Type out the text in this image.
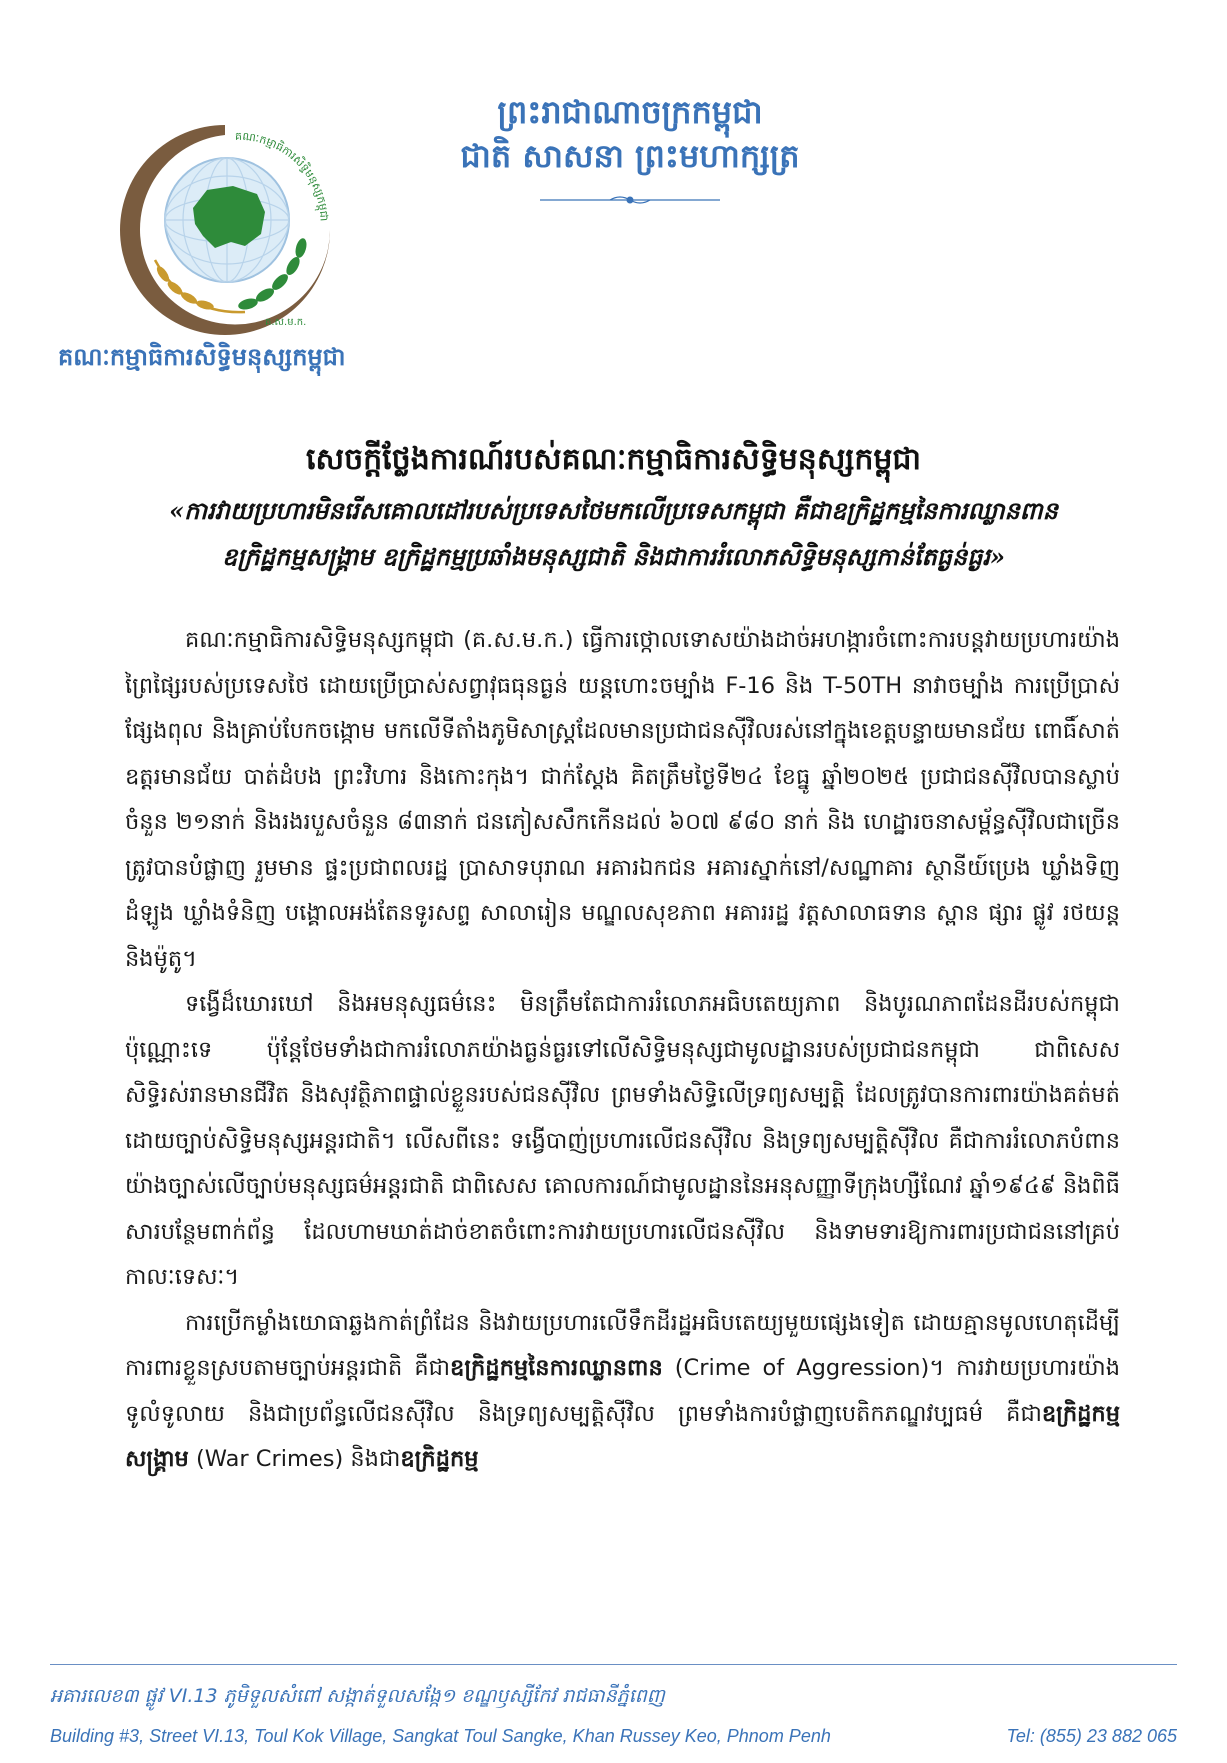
គណៈកម្មាធិការសិទ្ធិមនុស្សកម្ពុជា
គ.ស.ម.ក.
គណៈកម្មាធិការសិទ្ធិមនុស្សកម្ពុជា
ព្រះរាជាណាចក្រកម្ពុជា
ជាតិ សាសនា ព្រះមហាក្សត្រ
សេចក្តីថ្លែងការណ៍របស់គណៈកម្មាធិការសិទ្ធិមនុស្សកម្ពុជា
«ការវាយប្រហារមិនរើសគោលដៅរបស់ប្រទេសថៃមកលើប្រទេសកម្ពុជា គឺជាឧក្រិដ្ឋកម្មនៃការឈ្លានពាន
ឧក្រិដ្ឋកម្មសង្គ្រាម ឧក្រិដ្ឋកម្មប្រឆាំងមនុស្សជាតិ និងជាការរំលោភសិទ្ធិមនុស្សកាន់តែធ្ងន់ធ្ងរ»

គណៈកម្មាធិការសិទ្ធិមនុស្សកម្ពុជា (គ.ស.ម.ក.) ធ្វើការថ្កោលទោសយ៉ាងដាច់អហង្ការចំពោះការបន្តវាយប្រហារយ៉ាងព្រៃផ្សៃរបស់ប្រទេសថៃ ដោយប្រើប្រាស់សព្វាវុធធុនធ្ងន់ យន្តហោះចម្បាំង F-16 និង T-50TH នាវាចម្បាំង ការប្រើប្រាស់ផ្សែងពុល និងគ្រាប់បែកចង្កោម មកលើទីតាំងភូមិសាស្ត្រដែលមានប្រជាជនស៊ីវិលរស់នៅក្នុងខេត្តបន្ទាយមានជ័យ ពោធិ៍សាត់ ឧត្តរមានជ័យ បាត់ដំបង ព្រះវិហារ និងកោះកុង។ ជាក់ស្តែង គិតត្រឹមថ្ងៃទី២៤ ខែធ្នូ ឆ្នាំ២០២៥ ប្រជាជនស៊ីវិលបានស្លាប់ចំនួន ២១នាក់ និងរងរបួសចំនួន ៨៣នាក់ ជនភៀសសឹកកើនដល់ ៦០៧ ៩៨០ នាក់ និង ហេដ្ឋារចនាសម្ព័ន្ធស៊ីវិលជាច្រើនត្រូវបានបំផ្លាញ រួមមាន ផ្ទះប្រជាពលរដ្ឋ ប្រាសាទបុរាណ អគារឯកជន អគារស្នាក់នៅ/សណ្ឋាគារ ស្ថានីយ៍ប្រេង ឃ្លាំងទិញដំឡូង ឃ្លាំងទំនិញ បង្គោលអង់តែនទូរសព្ទ សាលារៀន មណ្ឌលសុខភាព អគាររដ្ឋ វត្តសាលាធទាន ស្ពាន ផ្សារ ផ្លូវ រថយន្ត និងម៉ូតូ។

ទង្វើដ៏ឃោរឃៅ និងអមនុស្សធម៌នេះ មិនត្រឹមតែជាការរំលោភអធិបតេយ្យភាព និងបូរណភាពដែនដីរបស់កម្ពុជាប៉ុណ្ណោះទេ ប៉ុន្តែថែមទាំងជាការរំលោភយ៉ាងធ្ងន់ធ្ងរទៅលើសិទ្ធិមនុស្សជាមូលដ្ឋានរបស់ប្រជាជនកម្ពុជា ជាពិសេស សិទ្ធិរស់រានមានជីវិត និងសុវត្ថិភាពផ្ទាល់ខ្លួនរបស់ជនស៊ីវិល ព្រមទាំងសិទ្ធិលើទ្រព្យសម្បត្តិ ដែលត្រូវបានការពារយ៉ាងគត់មត់ដោយច្បាប់សិទ្ធិមនុស្សអន្តរជាតិ។ លើសពីនេះ ទង្វើបាញ់ប្រហារលើជនស៊ីវិល និងទ្រព្យសម្បត្តិស៊ីវិល គឺជាការរំលោភបំពានយ៉ាងច្បាស់លើច្បាប់មនុស្សធម៌អន្តរជាតិ ជាពិសេស គោលការណ៍ជាមូលដ្ឋាននៃអនុសញ្ញាទីក្រុងហ្សឺណែវ ឆ្នាំ១៩៤៩ និងពិធីសារបន្ថែមពាក់ព័ន្ធ ដែលហាមឃាត់ដាច់ខាតចំពោះការវាយប្រហារលើជនស៊ីវិល និងទាមទារឱ្យការពារប្រជាជននៅគ្រប់កាលៈទេសៈ។

ការប្រើកម្លាំងយោធាឆ្លងកាត់ព្រំដែន និងវាយប្រហារលើទឹកដីរដ្ឋអធិបតេយ្យមួយផ្សេងទៀត ដោយគ្មានមូលហេតុដើម្បីការពារខ្លួនស្របតាមច្បាប់អន្តរជាតិ គឺជាឧក្រិដ្ឋកម្មនៃការឈ្លានពាន (Crime of Aggression)។ ការវាយប្រហារយ៉ាងទូលំទូលាយ និងជាប្រព័ន្ធលើជនស៊ីវិល និងទ្រព្យសម្បត្តិស៊ីវិល ព្រមទាំងការបំផ្លាញបេតិកភណ្ឌវប្បធម៌ គឺជាឧក្រិដ្ឋកម្មសង្គ្រាម (War Crimes) និងជាឧក្រិដ្ឋកម្ម

អគារលេខ៣ ផ្លូវ VI.13 ភូមិទួលសំពៅ សង្កាត់ទួលសង្កែ១ ខណ្ឌឫស្សីកែវ រាជធានីភ្នំពេញ
Building #3, Street VI.13, Toul Kok Village, Sangkat Toul Sangke, Khan Russey Keo, Phnom Penh	Tel: (855) 23 882 065
